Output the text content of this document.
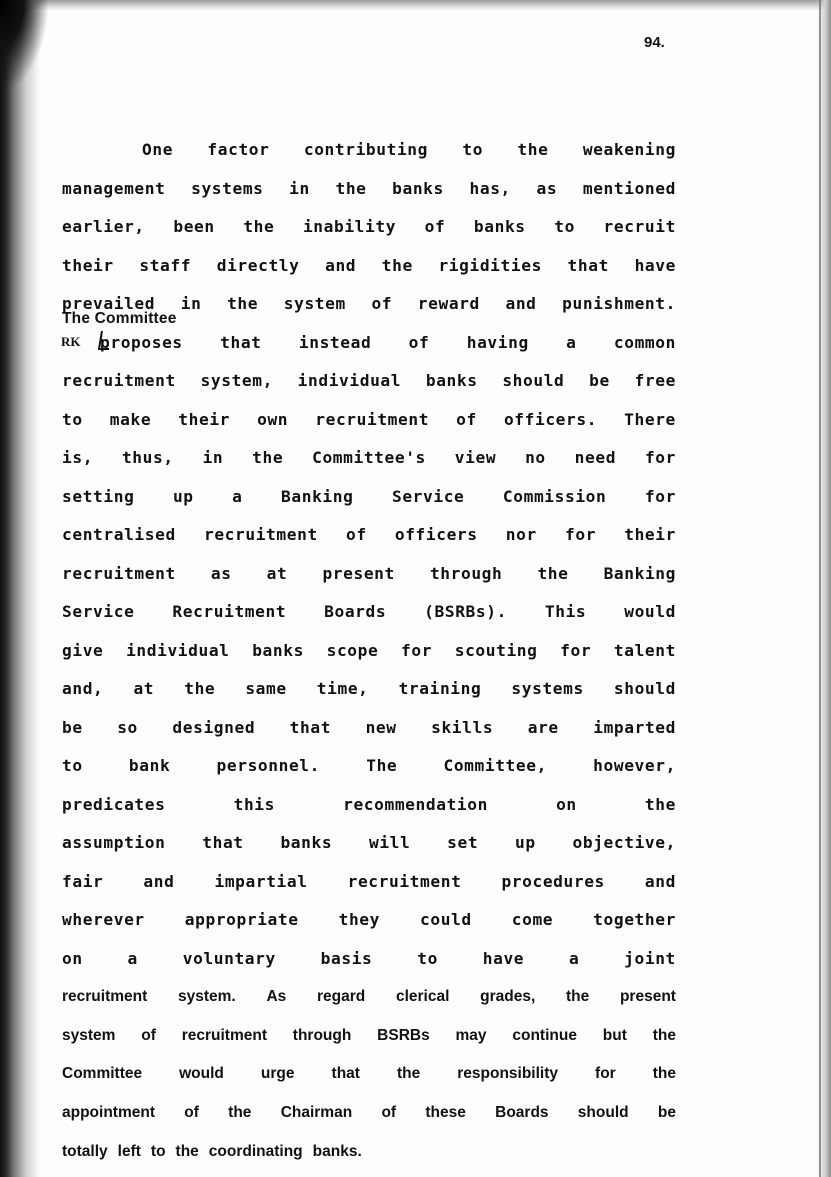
94.
The Committee
RK
One factor contributing to the weakening
management systems in the banks has, as mentioned
earlier, been the inability of banks to recruit
their staff directly and the rigidities that have
prevailed in the system of reward and punishment.
proposes that instead of having a common
recruitment system, individual banks should be free
to make their own recruitment of officers. There
is, thus, in the Committee's view no need for
setting up a Banking Service Commission for
centralised recruitment of officers nor for their
recruitment as at present through the Banking
Service Recruitment Boards (BSRBs). This would
give individual banks scope for scouting for talent
and, at the same time, training systems should
be so designed that new skills are imparted
to	bank	personnel.	The	Committee,	however,
predicates	this	recommendation	on	the
assumption that banks will set up objective,
fair and impartial recruitment procedures and
wherever appropriate they could come together
on	a	voluntary	basis	to	have	a	joint
recruitment system. As regard clerical grades, the present
system of recruitment through BSRBs may continue but the
Committee would urge that the responsibility for the
appointment of the Chairman of these Boards should be
totally left to the coordinating banks.
